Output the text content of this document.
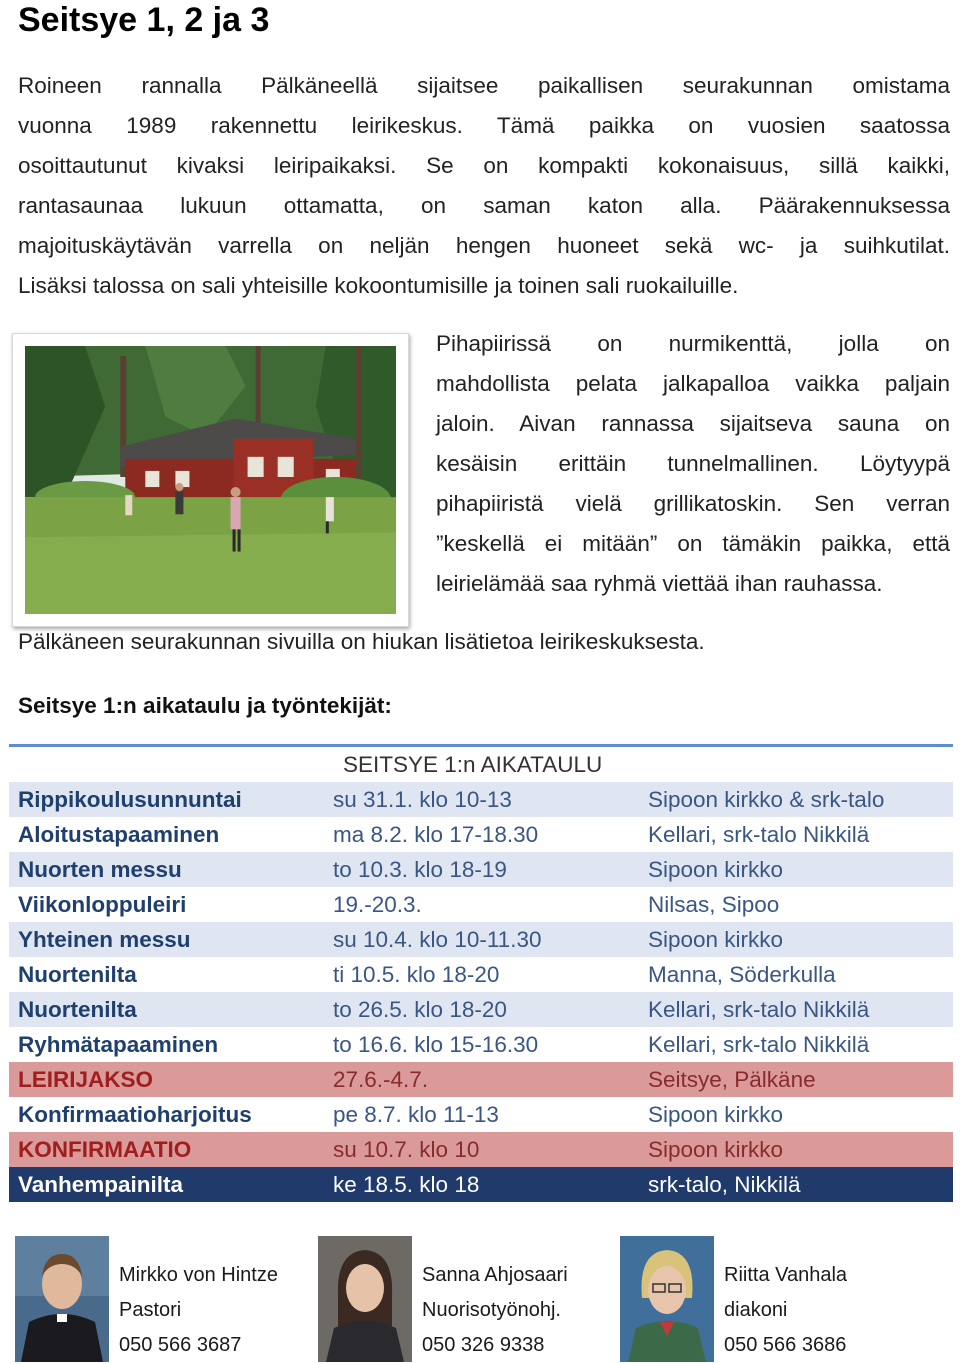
Seitsye 1, 2 ja 3
Roineen rannalla Pälkäneellä sijaitsee paikallisen seurakunnan omistama
vuonna 1989 rakennettu leirikeskus. Tämä paikka on vuosien saatossa
osoittautunut kivaksi leiripaikaksi. Se on kompakti kokonaisuus, sillä kaikki,
rantasaunaa lukuun ottamatta, on saman katon alla. Päärakennuksessa
majoituskäytävän varrella on neljän hengen huoneet sekä wc- ja suihkutilat.
Lisäksi talossa on sali yhteisille kokoontumisille ja toinen sali ruokailuille.
Pihapiirissä on nurmikenttä, jolla on
mahdollista pelata jalkapalloa vaikka paljain
jaloin. Aivan rannassa sijaitseva sauna on
kesäisin erittäin tunnelmallinen. Löytyypä
pihapiiristä vielä grillikatoskin. Sen verran
”keskellä ei mitään” on tämäkin paikka, että
leirielämää saa ryhmä viettää ihan rauhassa.
Pälkäneen seurakunnan sivuilla on hiukan lisätietoa leirikeskuksesta.
Seitsye 1:n aikataulu ja työntekijät:
SEITSYE 1:n AIKATAULU
Rippikoulusunnuntai	su 31.1. klo 10-13	Sipoon kirkko & srk-talo
Aloitustapaaminen	ma 8.2. klo 17-18.30	Kellari, srk-talo Nikkilä
Nuorten messu	to 10.3. klo 18-19	Sipoon kirkko
Viikonloppuleiri	19.-20.3.	Nilsas, Sipoo
Yhteinen messu	su 10.4. klo 10-11.30	Sipoon kirkko
Nuortenilta	ti 10.5. klo 18-20	Manna, Söderkulla
Nuortenilta	to 26.5. klo 18-20	Kellari, srk-talo Nikkilä
Ryhmätapaaminen	to 16.6. klo 15-16.30	Kellari, srk-talo Nikkilä
LEIRIJAKSO	27.6.-4.7.	Seitsye, Pälkäne
Konfirmaatioharjoitus	pe 8.7. klo 11-13	Sipoon kirkko
KONFIRMAATIO	su 10.7. klo 10	Sipoon kirkko
Vanhempainilta	ke 18.5. klo 18	srk-talo, Nikkilä
Mirkko von Hintze
Pastori
050 566 3687
Sanna Ahjosaari
Nuorisotyönohj.
050 326 9338
Riitta Vanhala
diakoni
050 566 3686
